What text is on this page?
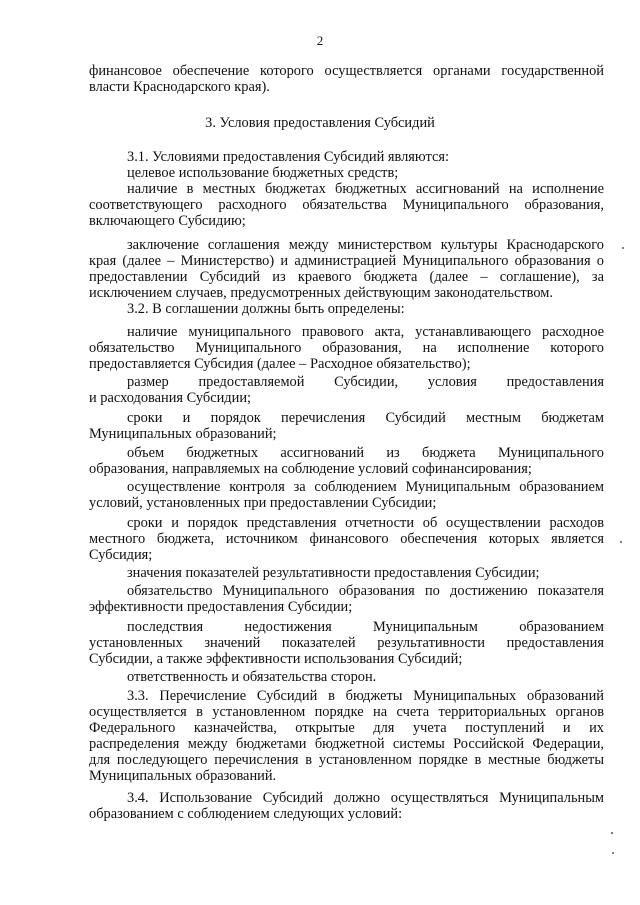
2
финансовое обеспечение которого осуществляется органами государственной
власти Краснодарского края).
3. Условия предоставления Субсидий
3.1. Условиями предоставления Субсидий являются:
целевое использование бюджетных средств;
наличие в местных бюджетах бюджетных ассигнований на исполнение
соответствующего расходного обязательства Муниципального образования,
включающего Субсидию;
заключение соглашения между министерством культуры Краснодарского
края (далее – Министерство) и администрацией Муниципального образования о
предоставлении Субсидий из краевого бюджета (далее – соглашение), за
исключением случаев, предусмотренных действующим законодательством.
3.2. В соглашении должны быть определены:
наличие муниципального правового акта, устанавливающего расходное
обязательство Муниципального образования, на исполнение которого
предоставляется Субсидия (далее – Расходное обязательство);
размер предоставляемой Субсидии, условия предоставления
и расходования Субсидии;
сроки и порядок перечисления Субсидий местным бюджетам
Муниципальных образований;
объем бюджетных ассигнований из бюджета Муниципального
образования, направляемых на соблюдение условий софинансирования;
осуществление контроля за соблюдением Муниципальным образованием
условий, установленных при предоставлении Субсидии;
сроки и порядок представления отчетности об осуществлении расходов
местного бюджета, источником финансового обеспечения которых является
Субсидия;
значения показателей результативности предоставления Субсидии;
обязательство Муниципального образования по достижению показателя
эффективности предоставления Субсидии;
последствия недостижения Муниципальным образованием
установленных значений показателей результативности предоставления
Субсидии, а также эффективности использования Субсидий;
ответственность и обязательства сторон.
3.3. Перечисление Субсидий в бюджеты Муниципальных образований
осуществляется в установленном порядке на счета территориальных органов
Федерального казначейства, открытые для учета поступлений и их
распределения между бюджетами бюджетной системы Российской Федерации,
для последующего перечисления в установленном порядке в местные бюджеты
Муниципальных образований.
3.4. Использование Субсидий должно осуществляться Муниципальным
образованием с соблюдением следующих условий:
